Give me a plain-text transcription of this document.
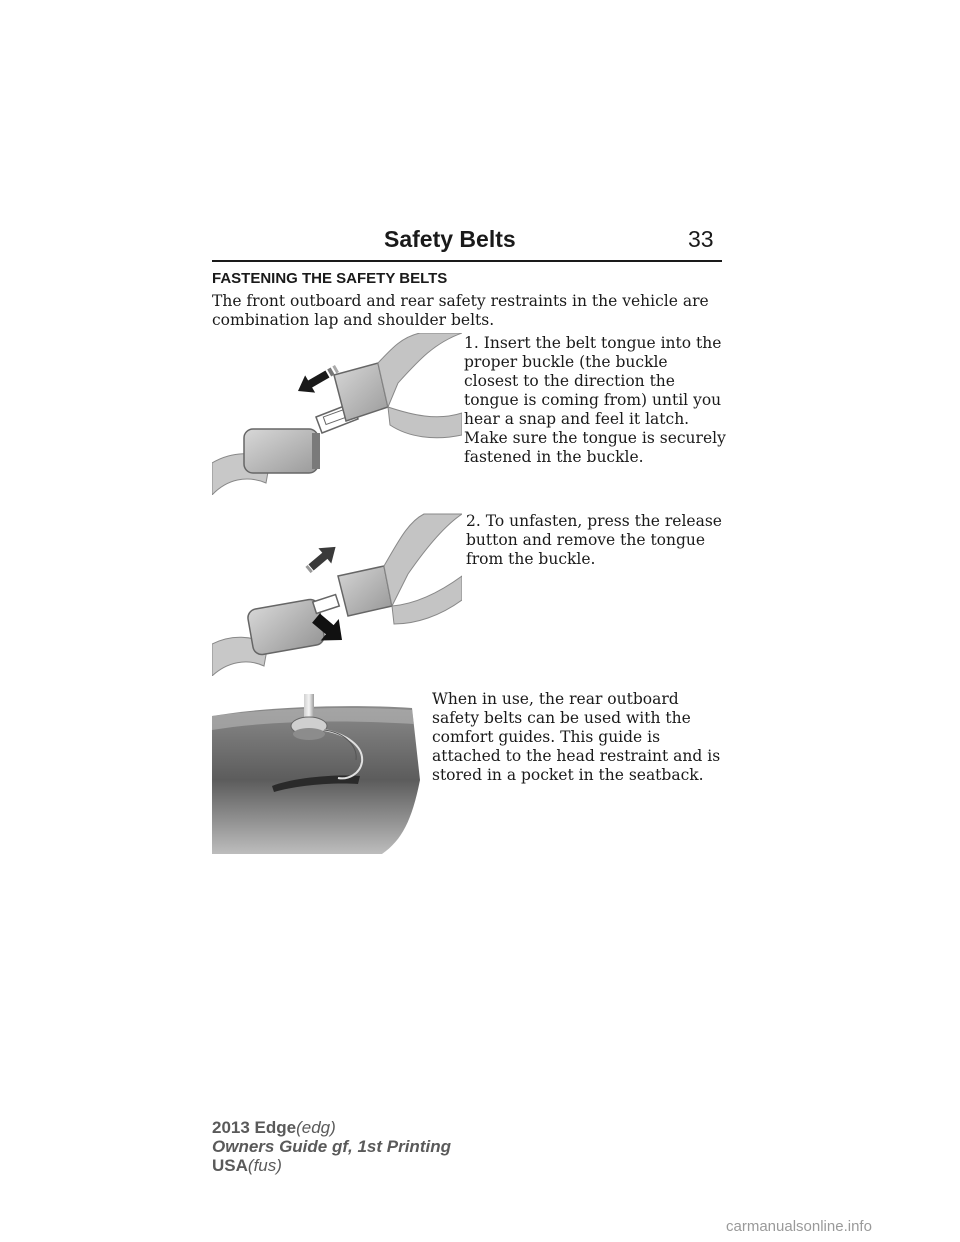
Safety Belts	33
FASTENING THE SAFETY BELTS
The front outboard and rear safety restraints in the vehicle are combination lap and shoulder belts.
1. Insert the belt tongue into the proper buckle (the buckle closest to the direction the tongue is coming from) until you hear a snap and feel it latch. Make sure the tongue is securely fastened in the buckle.
2. To unfasten, press the release button and remove the tongue from the buckle.
When in use, the rear outboard safety belts can be used with the comfort guides. This guide is attached to the head restraint and is stored in a pocket in the seatback.
2013 Edge(edg)
Owners Guide gf, 1st Printing
USA(fus)
carmanualsonline.info
